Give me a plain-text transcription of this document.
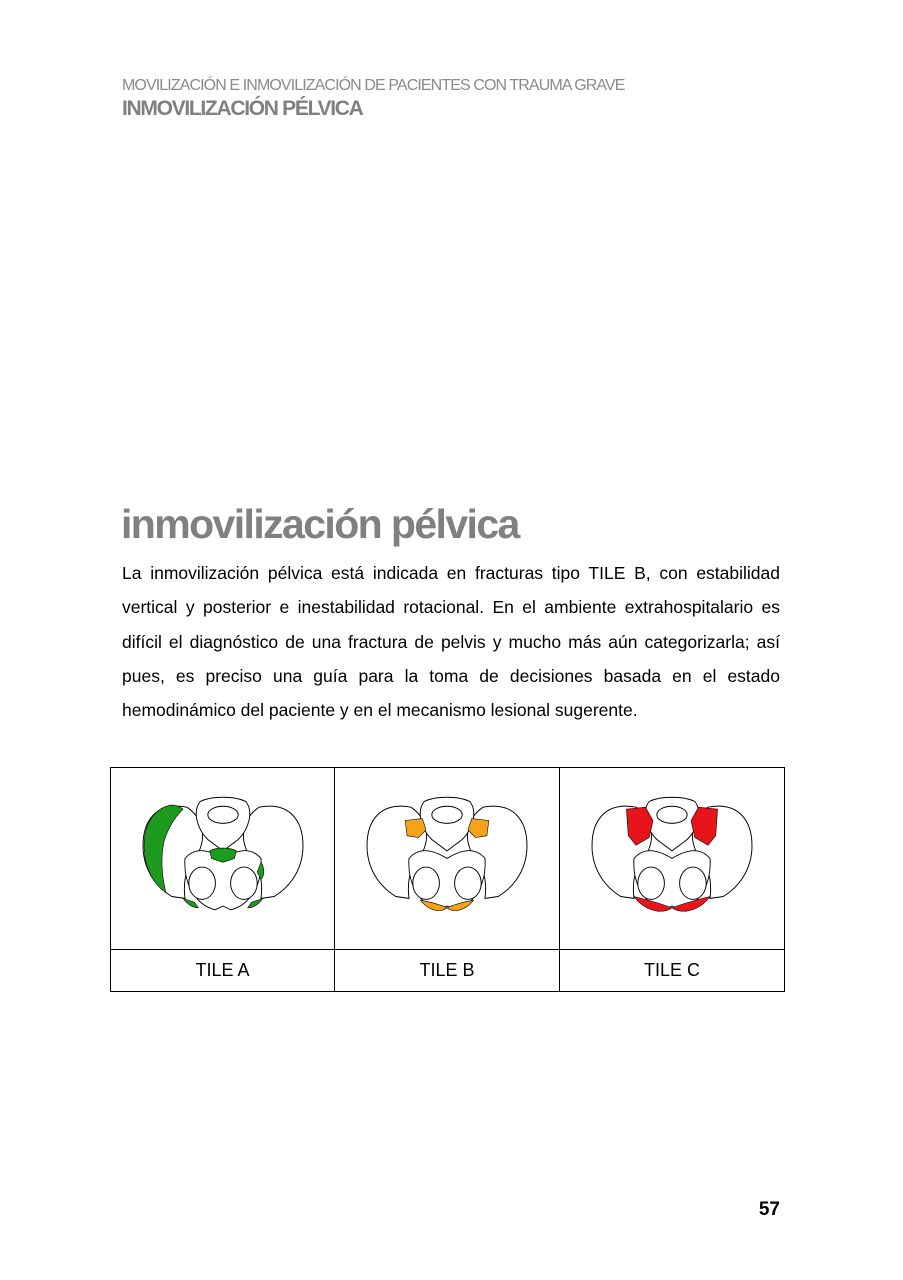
MOVILIZACIÓN E INMOVILIZACIÓN DE PACIENTES CON TRAUMA GRAVE
INMOVILIZACIÓN PÉLVICA
inmovilización pélvica

La inmovilización pélvica está indicada en fracturas tipo TILE B, con estabilidad vertical y posterior e inestabilidad rotacional. En el ambiente extrahospitalario es difícil el diagnóstico de una fractura de pelvis y mucho más aún categorizarla; así pues, es preciso una guía para la toma de decisiones basada en el estado hemodinámico del paciente y en el mecanismo lesional sugerente.

TILE A	TILE B	TILE C
57
